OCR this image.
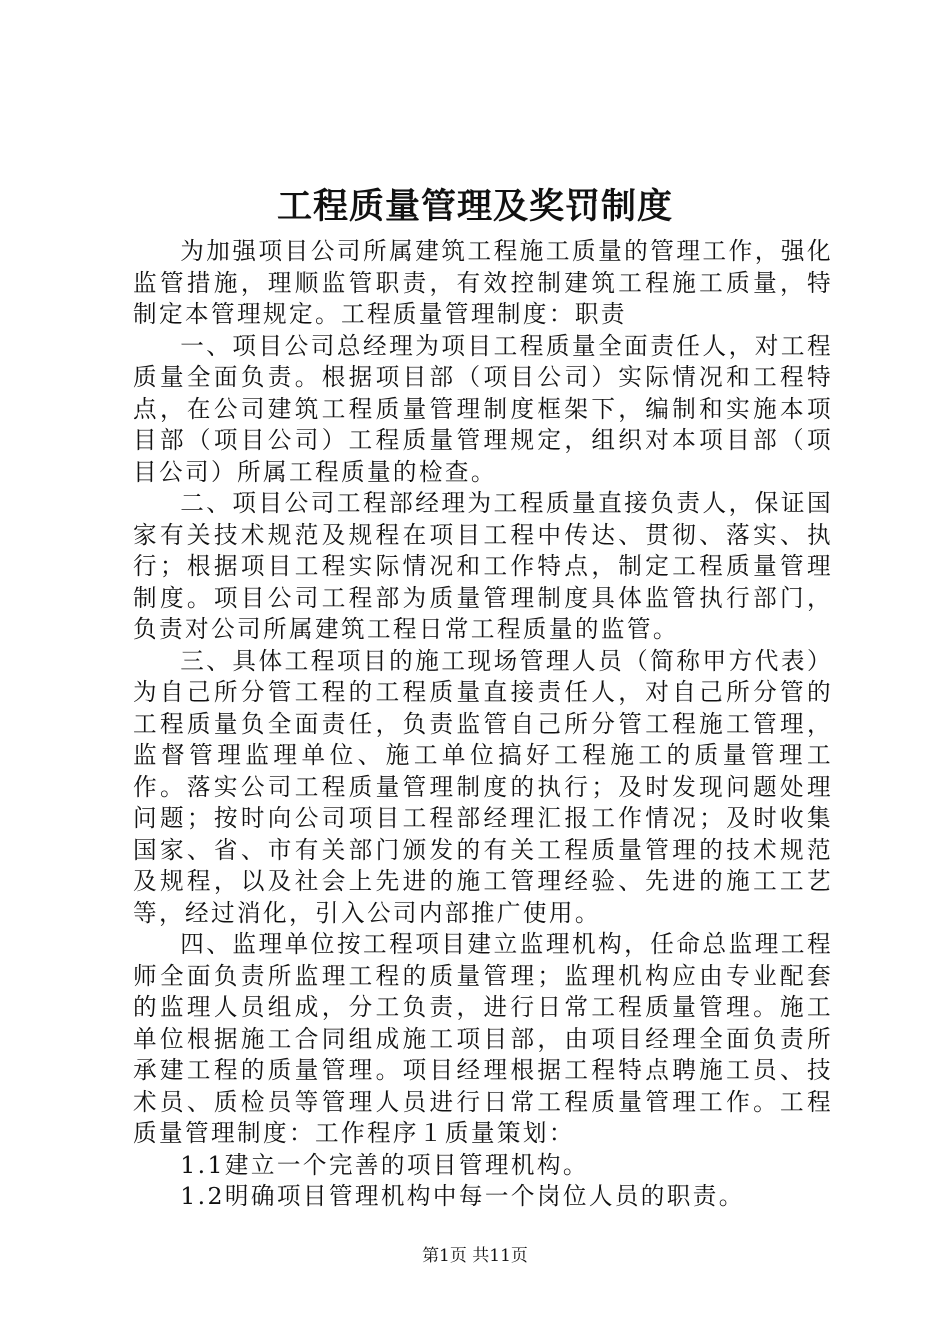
工程质量管理及奖罚制度

为加强项目公司所属建筑工程施工质量的管理工作，强化监管措施，理顺监管职责，有效控制建筑工程施工质量，特制定本管理规定。工程质量管理制度：职责

一、项目公司总经理为项目工程质量全面责任人，对工程质量全面负责。根据项目部（项目公司）实际情况和工程特点，在公司建筑工程质量管理制度框架下，编制和实施本项目部（项目公司）工程质量管理规定，组织对本项目部（项目公司）所属工程质量的检查。

二、项目公司工程部经理为工程质量直接负责人，保证国家有关技术规范及规程在项目工程中传达、贯彻、落实、执行；根据项目工程实际情况和工作特点，制定工程质量管理制度。项目公司工程部为质量管理制度具体监管执行部门，负责对公司所属建筑工程日常工程质量的监管。

三、具体工程项目的施工现场管理人员（简称甲方代表）为自己所分管工程的工程质量直接责任人，对自己所分管的工程质量负全面责任，负责监管自己所分管工程施工管理，监督管理监理单位、施工单位搞好工程施工的质量管理工作。落实公司工程质量管理制度的执行；及时发现问题处理问题；按时向公司项目工程部经理汇报工作情况；及时收集国家、省、市有关部门颁发的有关工程质量管理的技术规范及规程，以及社会上先进的施工管理经验、先进的施工工艺等，经过消化，引入公司内部推广使用。

四、监理单位按工程项目建立监理机构，任命总监理工程师全面负责所监理工程的质量管理；监理机构应由专业配套的监理人员组成，分工负责，进行日常工程质量管理。施工单位根据施工合同组成施工项目部，由项目经理全面负责所承建工程的质量管理。项目经理根据工程特点聘施工员、技术员、质检员等管理人员进行日常工程质量管理工作。工程质量管理制度：工作程序１质量策划：

1.1建立一个完善的项目管理机构。

1.2明确项目管理机构中每一个岗位人员的职责。

第1页 共11页
